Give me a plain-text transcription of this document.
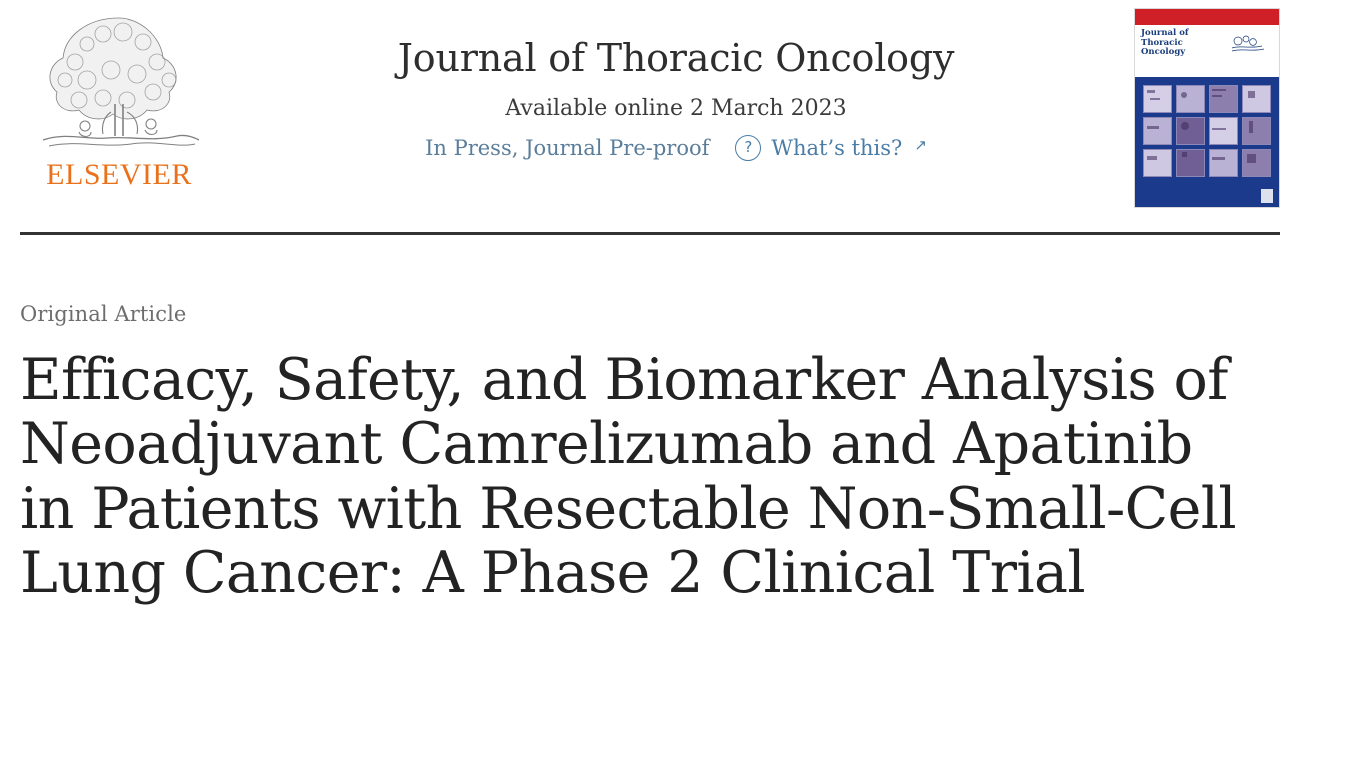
ELSEVIER
Journal of Thoracic Oncology
Available online 2 March 2023
In Press, Journal Pre-proof	? What’s this? ↗
Journal of Thoracic Oncology
Original Article
Efficacy, Safety, and Biomarker Analysis of Neoadjuvant Camrelizumab and Apatinib in Patients with Resectable Non-Small-Cell Lung Cancer: A Phase 2 Clinical Trial
